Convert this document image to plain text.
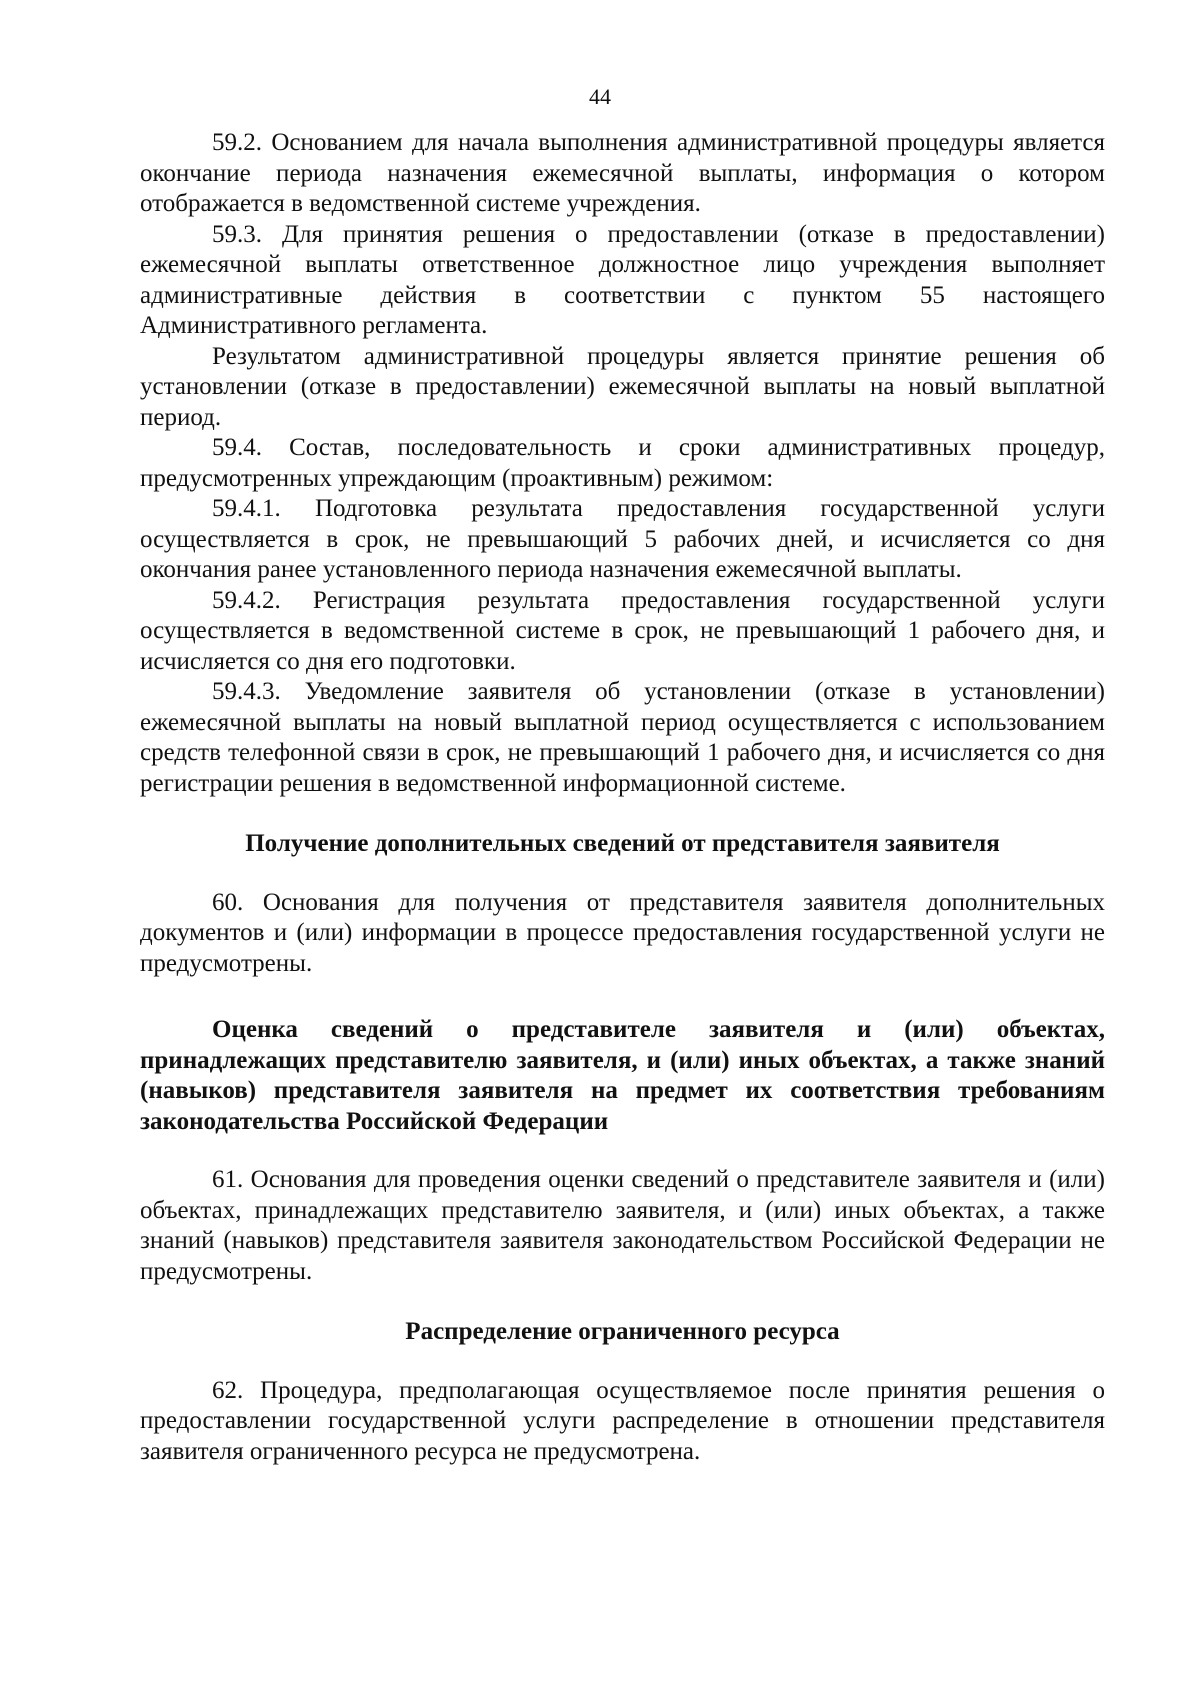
44

59.2. Основанием для начала выполнения административной процедуры является окончание периода назначения ежемесячной выплаты, информация о котором отображается в ведомственной системе учреждения.

59.3. Для принятия решения о предоставлении (отказе в предоставлении) ежемесячной выплаты ответственное должностное лицо учреждения выполняет административные действия в соответствии с пунктом 55 настоящего Административного регламента.

Результатом административной процедуры является принятие решения об установлении (отказе в предоставлении) ежемесячной выплаты на новый выплатной период.

59.4. Состав, последовательность и сроки административных процедур, предусмотренных упреждающим (проактивным) режимом:

59.4.1. Подготовка результата предоставления государственной услуги осуществляется в срок, не превышающий 5 рабочих дней, и исчисляется со дня окончания ранее установленного периода назначения ежемесячной выплаты.

59.4.2. Регистрация результата предоставления государственной услуги осуществляется в ведомственной системе в срок, не превышающий 1 рабочего дня, и исчисляется со дня его подготовки.

59.4.3. Уведомление заявителя об установлении (отказе в установлении) ежемесячной выплаты на новый выплатной период осуществляется с использованием средств телефонной связи в срок, не превышающий 1 рабочего дня, и исчисляется со дня регистрации решения в ведомственной информационной системе.

Получение дополнительных сведений от представителя заявителя

60. Основания для получения от представителя заявителя дополнительных документов и (или) информации в процессе предоставления государственной услуги не предусмотрены.

Оценка сведений о представителе заявителя и (или) объектах, принадлежащих представителю заявителя, и (или) иных объектах, а также знаний (навыков) представителя заявителя на предмет их соответствия требованиям законодательства Российской Федерации

61. Основания для проведения оценки сведений о представителе заявителя и (или) объектах, принадлежащих представителю заявителя, и (или) иных объектах, а также знаний (навыков) представителя заявителя законодательством Российской Федерации не предусмотрены.

Распределение ограниченного ресурса

62. Процедура, предполагающая осуществляемое после принятия решения о предоставлении государственной услуги распределение в отношении представителя заявителя ограниченного ресурса не предусмотрена.
